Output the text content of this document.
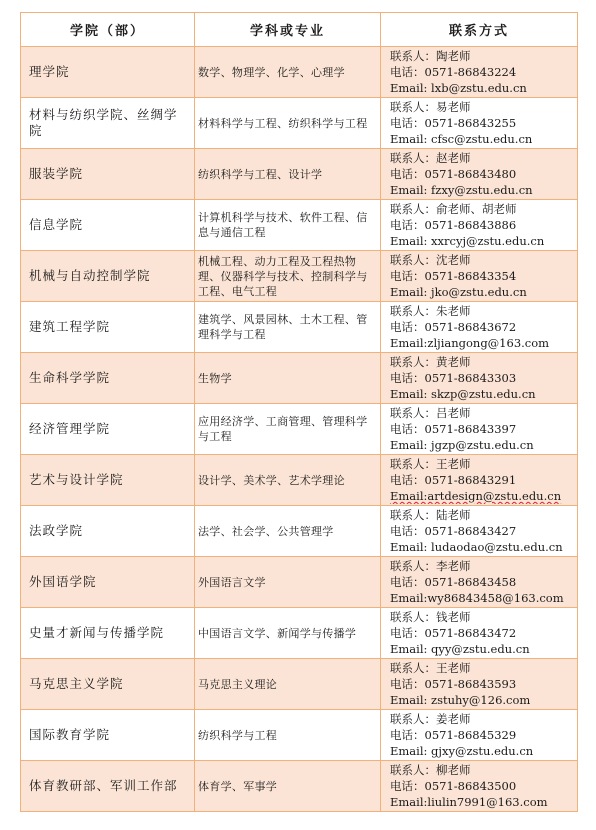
学院（部）	学科或专业	联系方式
理学院	数学、物理学、化学、心理学	联系人：陶老师
电话：0571-86843224
Email: lxb@zstu.edu.cn

材料与纺织学院、丝绸学院	材料科学与工程、纺织科学与工程	联系人：易老师
电话：0571-86843255
Email: cfsc@zstu.edu.cn

服装学院	纺织科学与工程、设计学	联系人：赵老师
电话：0571-86843480
Email: fzxy@zstu.edu.cn

信息学院	计算机科学与技术、软件工程、信息与通信工程	联系人：俞老师、胡老师
电话：0571-86843886
Email: xxrcyj@zstu.edu.cn

机械与自动控制学院	机械工程、动力工程及工程热物理、仪器科学与技术、控制科学与工程、电气工程	联系人：沈老师
电话：0571-86843354
Email: jko@zstu.edu.cn

建筑工程学院	建筑学、风景园林、土木工程、管理科学与工程	联系人：朱老师
电话：0571-86843672
Email:zljiangong@163.com

生命科学学院	生物学	联系人：黄老师
电话：0571-86843303
Email: skzp@zstu.edu.cn

经济管理学院	应用经济学、工商管理、管理科学与工程	联系人：吕老师
电话：0571-86843397
Email: jgzp@zstu.edu.cn

艺术与设计学院	设计学、美术学、艺术学理论	联系人：王老师
电话：0571-86843291
Email:artdesign@zstu.edu.cn

法政学院	法学、社会学、公共管理学	联系人：陆老师
电话：0571-86843427
Email: ludaodao@zstu.edu.cn

外国语学院	外国语言文学	联系人：李老师
电话：0571-86843458
Email:wy86843458@163.com

史量才新闻与传播学院	中国语言文学、新闻学与传播学	联系人：钱老师
电话：0571-86843472
Email: qyy@zstu.edu.cn

马克思主义学院	马克思主义理论	联系人：王老师
电话：0571-86843593
Email: zstuhy@126.com

国际教育学院	纺织科学与工程	联系人：姜老师
电话：0571-86845329
Email: gjxy@zstu.edu.cn

体育教研部、军训工作部	体育学、军事学	联系人：柳老师
电话：0571-86843500
Email:liulin7991@163.com
